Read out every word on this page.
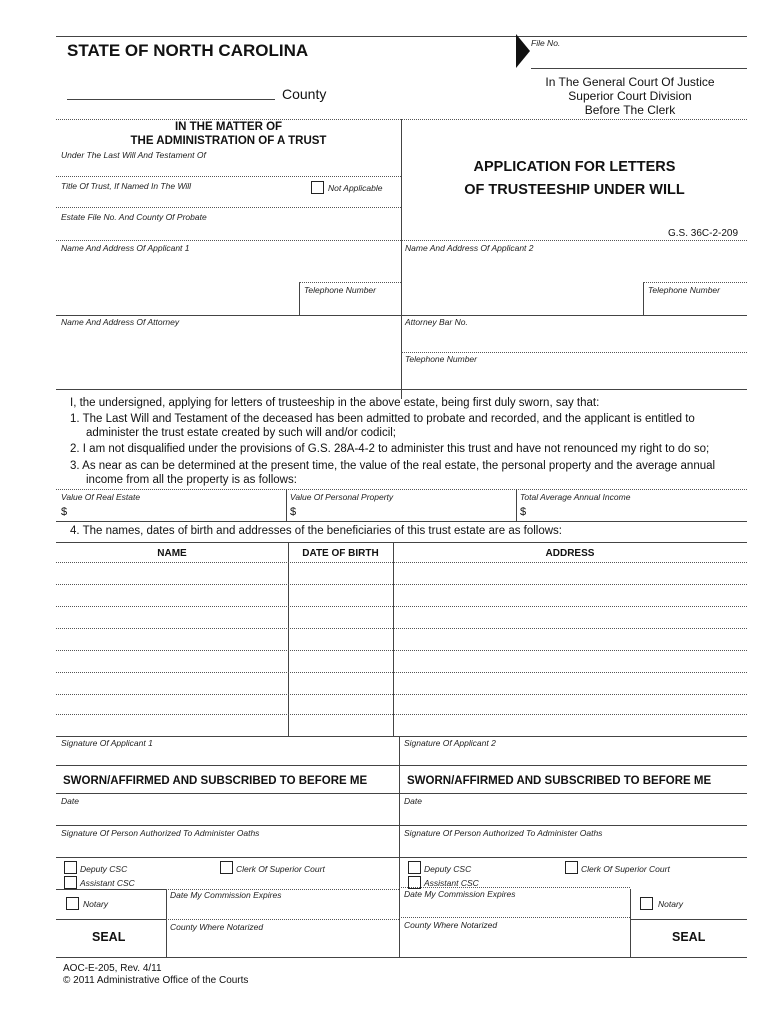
STATE OF NORTH CAROLINA
County
File No.
In The General Court Of Justice
Superior Court Division
Before The Clerk
IN THE MATTER OF
THE ADMINISTRATION OF A TRUST
Under The Last Will And Testament Of
Title Of Trust, If Named In The Will	Not Applicable
Estate File No. And County Of Probate
APPLICATION FOR LETTERS
OF TRUSTEESHIP UNDER WILL
G.S. 36C-2-209
Name And Address Of Applicant 1	Name And Address Of Applicant 2
Telephone Number	Telephone Number
Name And Address Of Attorney	Attorney Bar No.
Telephone Number
I, the undersigned, applying for letters of trusteeship in the above estate, being first duly sworn, say that:
1. The Last Will and Testament of the deceased has been admitted to probate and recorded, and the applicant is entitled to
administer the trust estate created by such will and/or codicil;
2. I am not disqualified under the provisions of G.S. 28A-4-2 to administer this trust and have not renounced my right to do so;
3. As near as can be determined at the present time, the value of the real estate, the personal property and the average annual
income from all the property is as follows:
Value Of Real Estate	Value Of Personal Property	Total Average Annual Income
$	$	$
4. The names, dates of birth and addresses of the beneficiaries of this trust estate are as follows:
NAME	DATE OF BIRTH	ADDRESS
Signature Of Applicant 1	Signature Of Applicant 2
SWORN/AFFIRMED AND SUBSCRIBED TO BEFORE ME	SWORN/AFFIRMED AND SUBSCRIBED TO BEFORE ME
Date	Date
Signature Of Person Authorized To Administer Oaths	Signature Of Person Authorized To Administer Oaths
Deputy CSC
Assistant CSC
Clerk Of Superior Court	Deputy CSC
Assistant CSC
Clerk Of Superior Court
Date My Commission Expires
Notary
County Where Notarized
SEAL
Date My Commission Expires
Notary
County Where Notarized
SEAL
AOC-E-205, Rev. 4/11
© 2011 Administrative Office of the Courts
